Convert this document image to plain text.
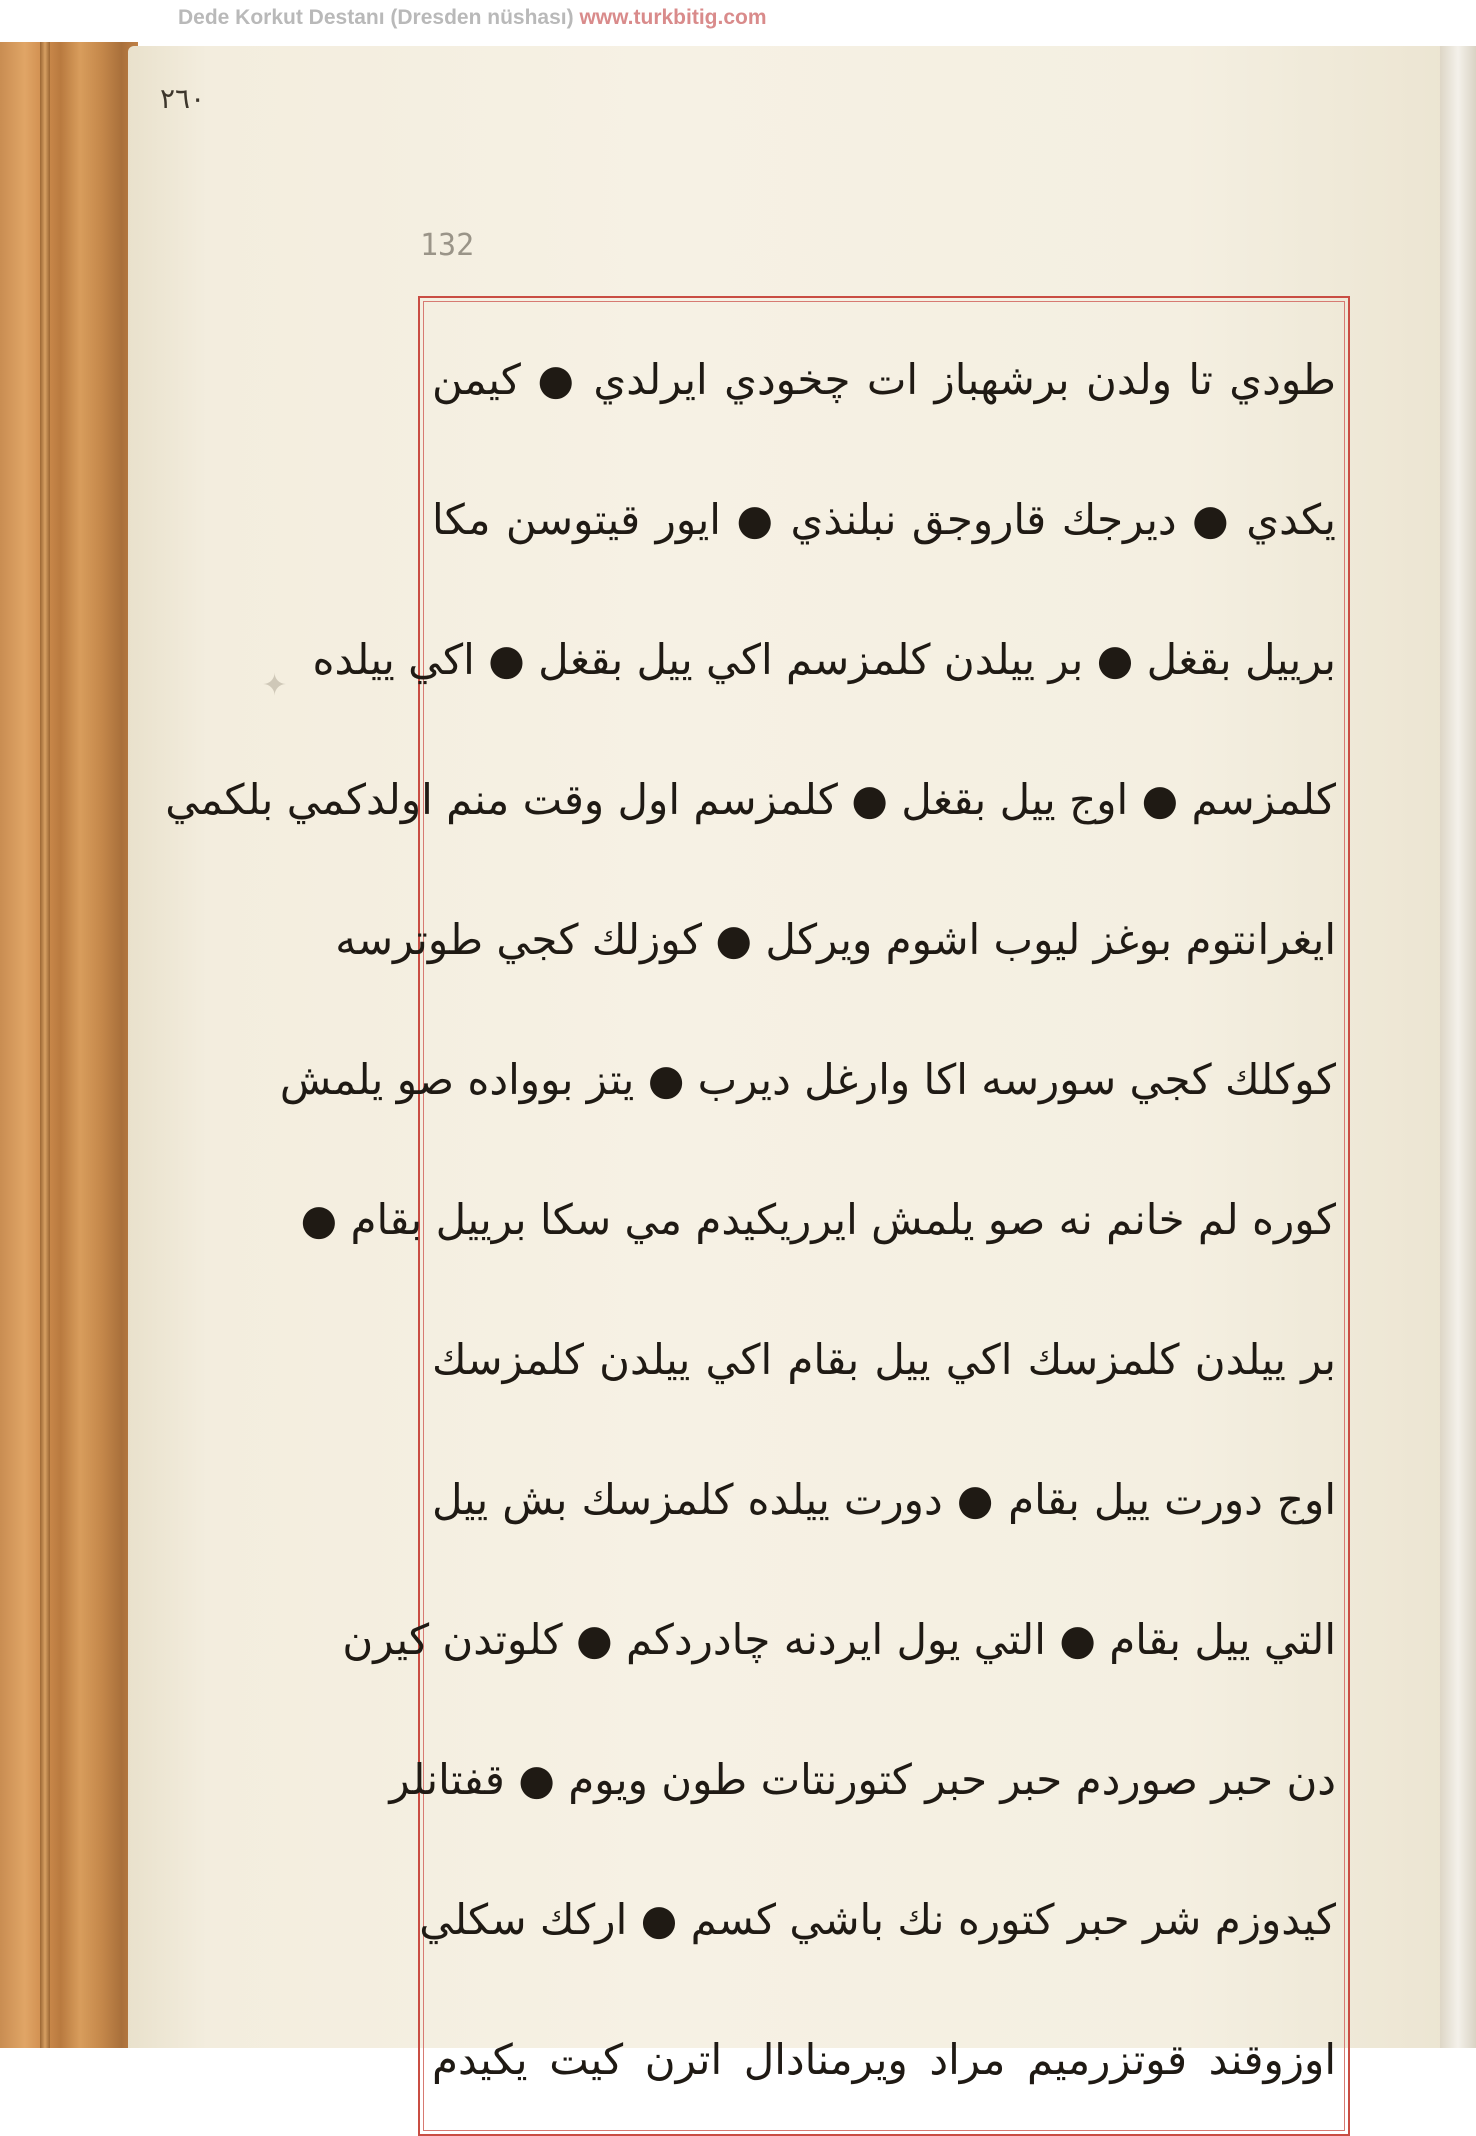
Dede Korkut Destanı (Dresden nüshası) www.turkbitig.com
✦
۲٦۰
132
طودي تا ولدن برشهباز ات چخودي ايرلدي ● كيمن
يكدي ● ديرجك قاروجق نبلنذي ● ايور قيتوسن مكا
برييل بقغل ● بر ييلدن كلمزسم اكي ييل بقغل ● اكي ييلده
كلمزسم ● اوج ييل بقغل ● كلمزسم اول وقت منم اولدكمي بلكمي
ايغرانتوم بوغز ليوب اشوم ويركل ● كوزلك كجي طوترسه
كوكلك كجي سورسه اكا وارغل ديرب ● يتز بوواده صو يلمش
كوره لم خانم نه صو يلمش ايرريكيدم مي سكا برييل بقام ●
بر ييلدن كلمزسك اكي ييل بقام اكي ييلدن كلمزسك
اوج دورت ييل بقام ● دورت ييلده كلمزسك بش ييل
التي ييل بقام ● التي يول ايردنه چادردكم ● كلوتدن كيرن
دن حبر صوردم حبر حبر كتورنتات طون ويوم ● قفتانلر
كيدوزم شر حبر كتوره نك باشي كسم ● اركك سكلي
اوزوقند قوتزرميم مراد ويرمنادال اترن كيت يكيدم
